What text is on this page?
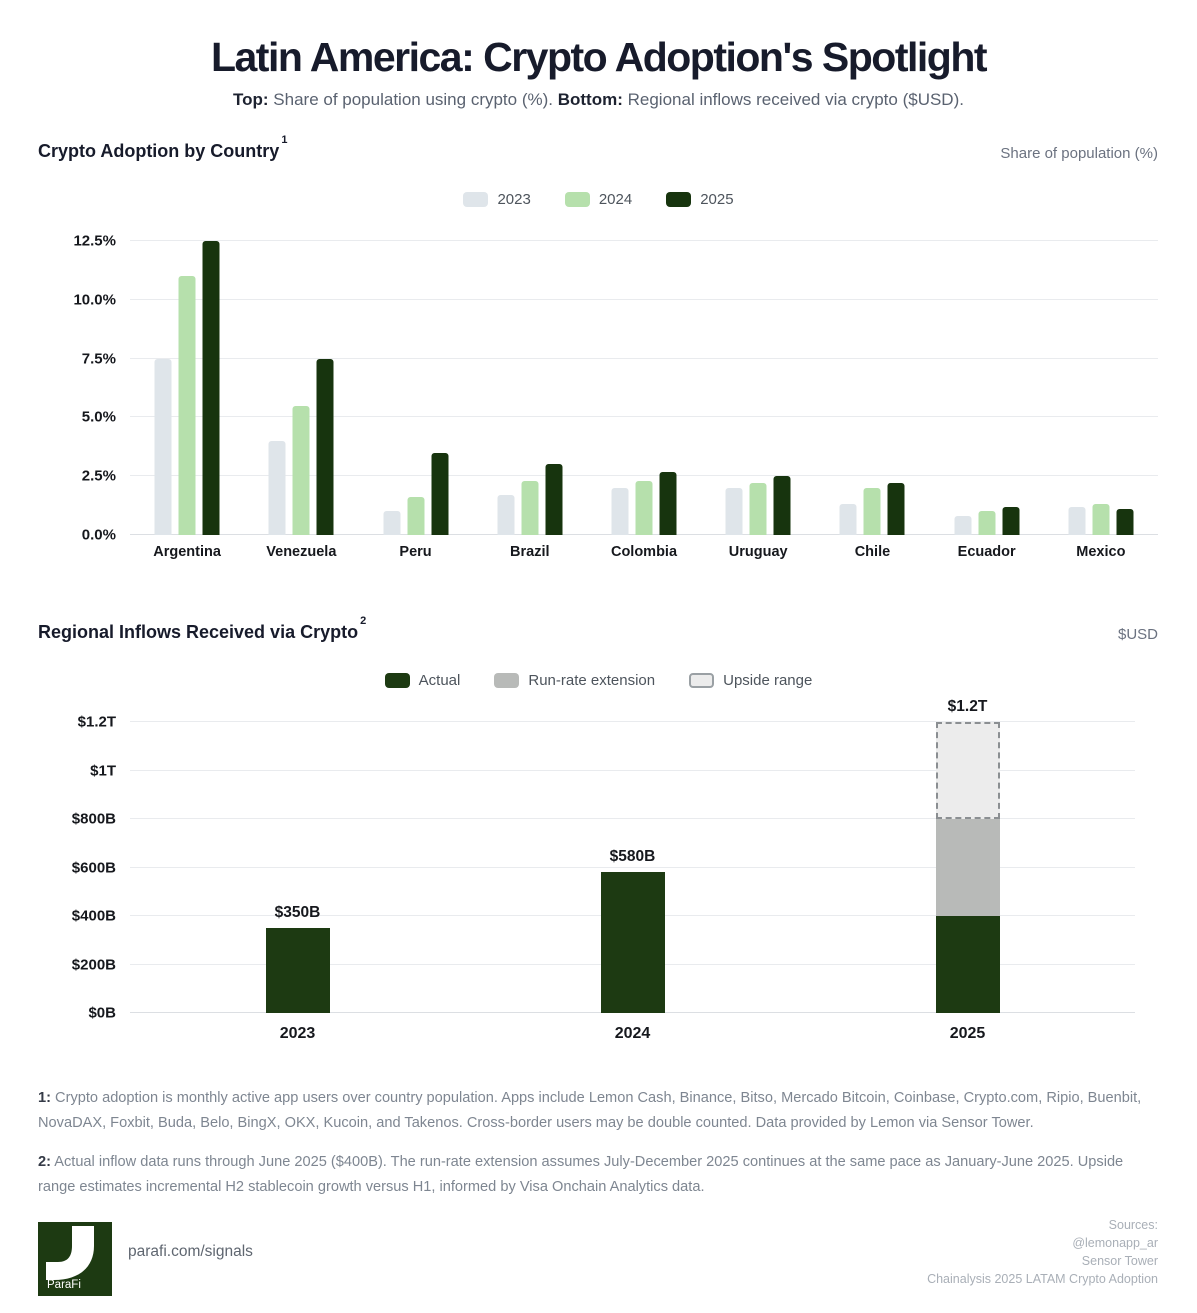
Latin America: Crypto Adoption's Spotlight
Top: Share of population using crypto (%). Bottom: Regional inflows received via crypto ($USD).
Crypto Adoption by Country$^1$
Share of population (%)
2023	2024	2025
0.0%
2.5%
5.0%
7.5%
10.0%
12.5%
Argentina	Venezuela	Peru	Brazil	Colombia	Uruguay	Chile	Ecuador	Mexico
Regional Inflows Received via Crypto$^2$
$USD
Actual	Run-rate extension	Upside range
$0B
$200B
$400B
$600B
$800B
$1T
$1.2T
$350B
2023
$580B
2024
$1.2T
2025

1: Crypto adoption is monthly active app users over country population. Apps include Lemon Cash, Binance, Bitso, Mercado Bitcoin, Coinbase, Crypto.com, Ripio, Buenbit, NovaDAX, Foxbit, Buda, Belo, BingX, OKX, Kucoin, and Takenos. Cross-border users may be double counted. Data provided by Lemon via Sensor Tower.

2: Actual inflow data runs through June 2025 ($400B). The run-rate extension assumes July-December 2025 continues at the same pace as January-June 2025. Upside range estimates incremental H2 stablecoin growth versus H1, informed by Visa Onchain Analytics data.

ParaFi
parafi.com/signals
Sources:
@lemonapp_ar
Sensor Tower
Chainalysis 2025 LATAM Crypto Adoption
